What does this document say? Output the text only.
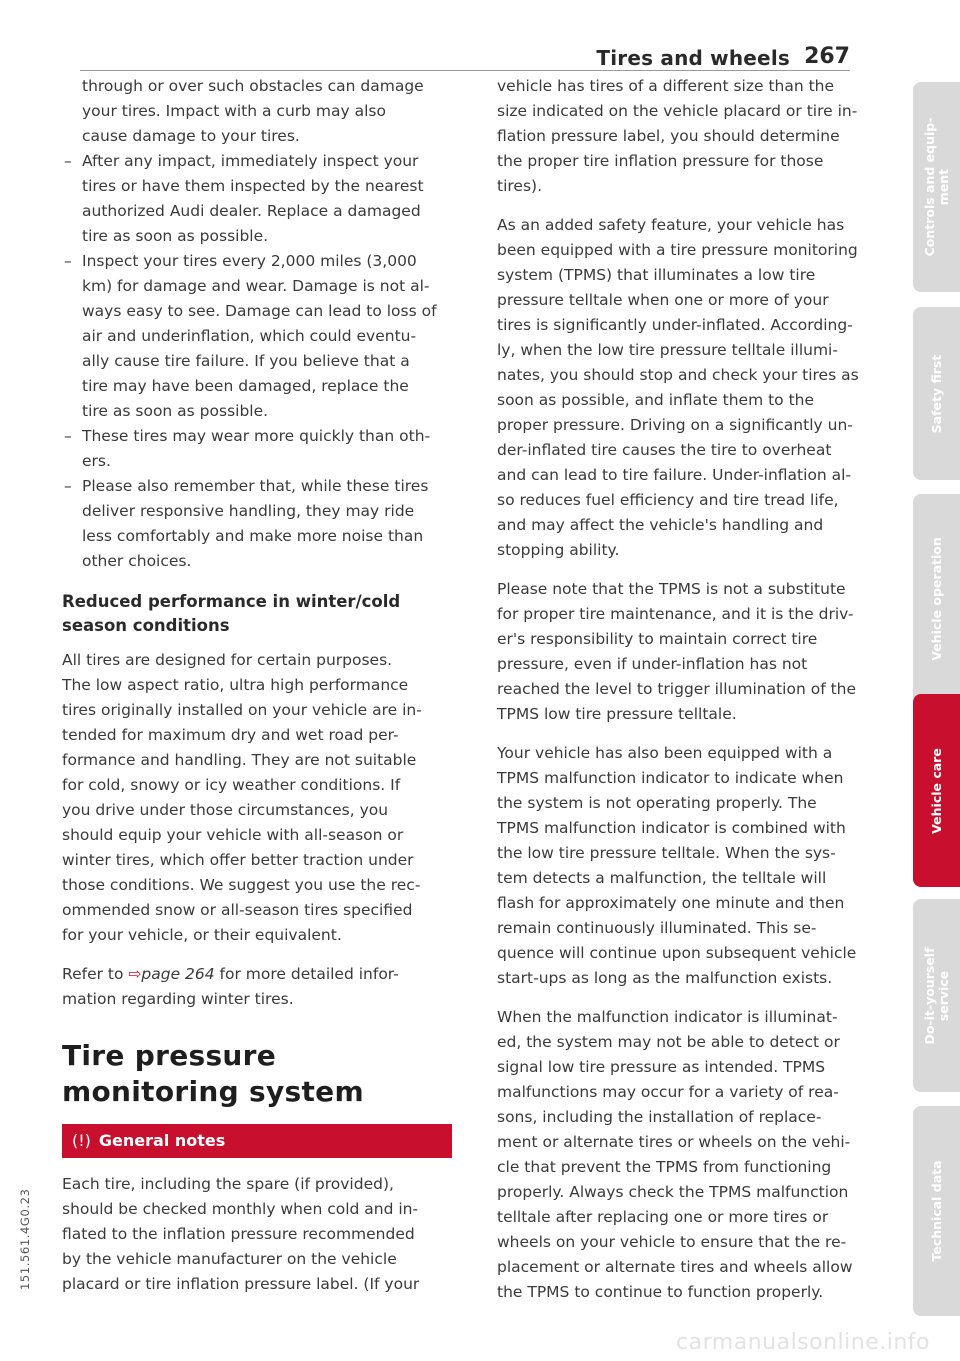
Tires and wheels 267
through or over such obstacles can damage
your tires. Impact with a curb may also
cause damage to your tires.
– After any impact, immediately inspect your
tires or have them inspected by the nearest
authorized Audi dealer. Replace a damaged
tire as soon as possible.
– Inspect your tires every 2,000 miles (3,000
km) for damage and wear. Damage is not al-
ways easy to see. Damage can lead to loss of
air and underinflation, which could eventu-
ally cause tire failure. If you believe that a
tire may have been damaged, replace the
tire as soon as possible.
– These tires may wear more quickly than oth-
ers.
– Please also remember that, while these tires
deliver responsive handling, they may ride
less comfortably and make more noise than
other choices.
Reduced performance in winter/cold
season conditions
All tires are designed for certain purposes.
The low aspect ratio, ultra high performance
tires originally installed on your vehicle are in-
tended for maximum dry and wet road per-
formance and handling. They are not suitable
for cold, snowy or icy weather conditions. If
you drive under those circumstances, you
should equip your vehicle with all-season or
winter tires, which offer better traction under
those conditions. We suggest you use the rec-
ommended snow or all-season tires specified
for your vehicle, or their equivalent.
Refer to ⇨page 264 for more detailed infor-
mation regarding winter tires.
Tire pressure
monitoring system
(!) General notes
Each tire, including the spare (if provided),
should be checked monthly when cold and in-
flated to the inflation pressure recommended
by the vehicle manufacturer on the vehicle
placard or tire inflation pressure label. (If your
vehicle has tires of a different size than the
size indicated on the vehicle placard or tire in-
flation pressure label, you should determine
the proper tire inflation pressure for those
tires).
As an added safety feature, your vehicle has
been equipped with a tire pressure monitoring
system (TPMS) that illuminates a low tire
pressure telltale when one or more of your
tires is significantly under-inflated. According-
ly, when the low tire pressure telltale illumi-
nates, you should stop and check your tires as
soon as possible, and inflate them to the
proper pressure. Driving on a significantly un-
der-inflated tire causes the tire to overheat
and can lead to tire failure. Under-inflation al-
so reduces fuel efficiency and tire tread life,
and may affect the vehicle's handling and
stopping ability.
Please note that the TPMS is not a substitute
for proper tire maintenance, and it is the driv-
er's responsibility to maintain correct tire
pressure, even if under-inflation has not
reached the level to trigger illumination of the
TPMS low tire pressure telltale.
Your vehicle has also been equipped with a
TPMS malfunction indicator to indicate when
the system is not operating properly. The
TPMS malfunction indicator is combined with
the low tire pressure telltale. When the sys-
tem detects a malfunction, the telltale will
flash for approximately one minute and then
remain continuously illuminated. This se-
quence will continue upon subsequent vehicle
start-ups as long as the malfunction exists.
When the malfunction indicator is illuminat-
ed, the system may not be able to detect or
signal low tire pressure as intended. TPMS
malfunctions may occur for a variety of rea-
sons, including the installation of replace-
ment or alternate tires or wheels on the vehi-
cle that prevent the TPMS from functioning
properly. Always check the TPMS malfunction
telltale after replacing one or more tires or
wheels on your vehicle to ensure that the re-
placement or alternate tires and wheels allow
the TPMS to continue to function properly.
Controls and equip-
ment
Safety first
Vehicle operation
Vehicle care
Do-it-yourself
service
Technical data
151.561.4G0.23
carmanualsonline.info
